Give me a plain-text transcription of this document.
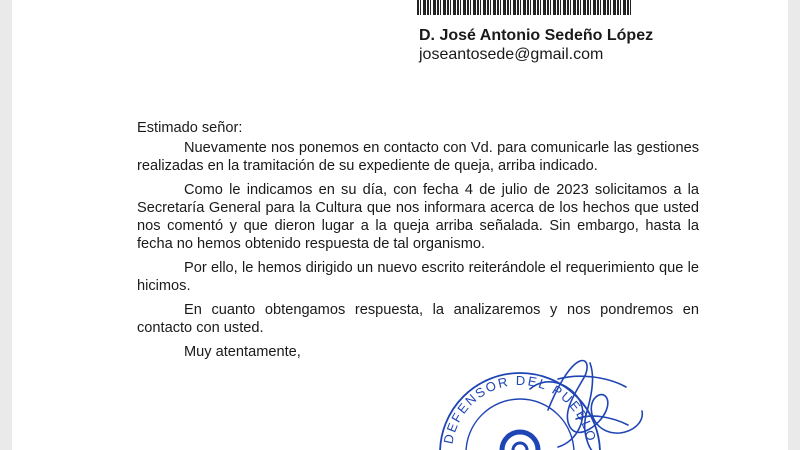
D. José Antonio Sedeño López
joseantosede@gmail.com

Estimado señor:

Nuevamente nos ponemos en contacto con Vd. para comunicarle las gestiones realizadas en la tramitación de su expediente de queja, arriba indicado.

Como le indicamos en su día, con fecha 4 de julio de 2023 solicitamos a la Secretaría General para la Cultura que nos informara acerca de los hechos que usted nos comentó y que dieron lugar a la queja arriba señalada. Sin embargo, hasta la fecha no hemos obtenido respuesta de tal organismo.

Por ello, le hemos dirigido un nuevo escrito reiterándole el requerimiento que le hicimos.

En cuanto obtengamos respuesta, la analizaremos y nos pondremos en contacto con usted.

Muy atentamente,

DEFENSOR DEL PUEBLO
